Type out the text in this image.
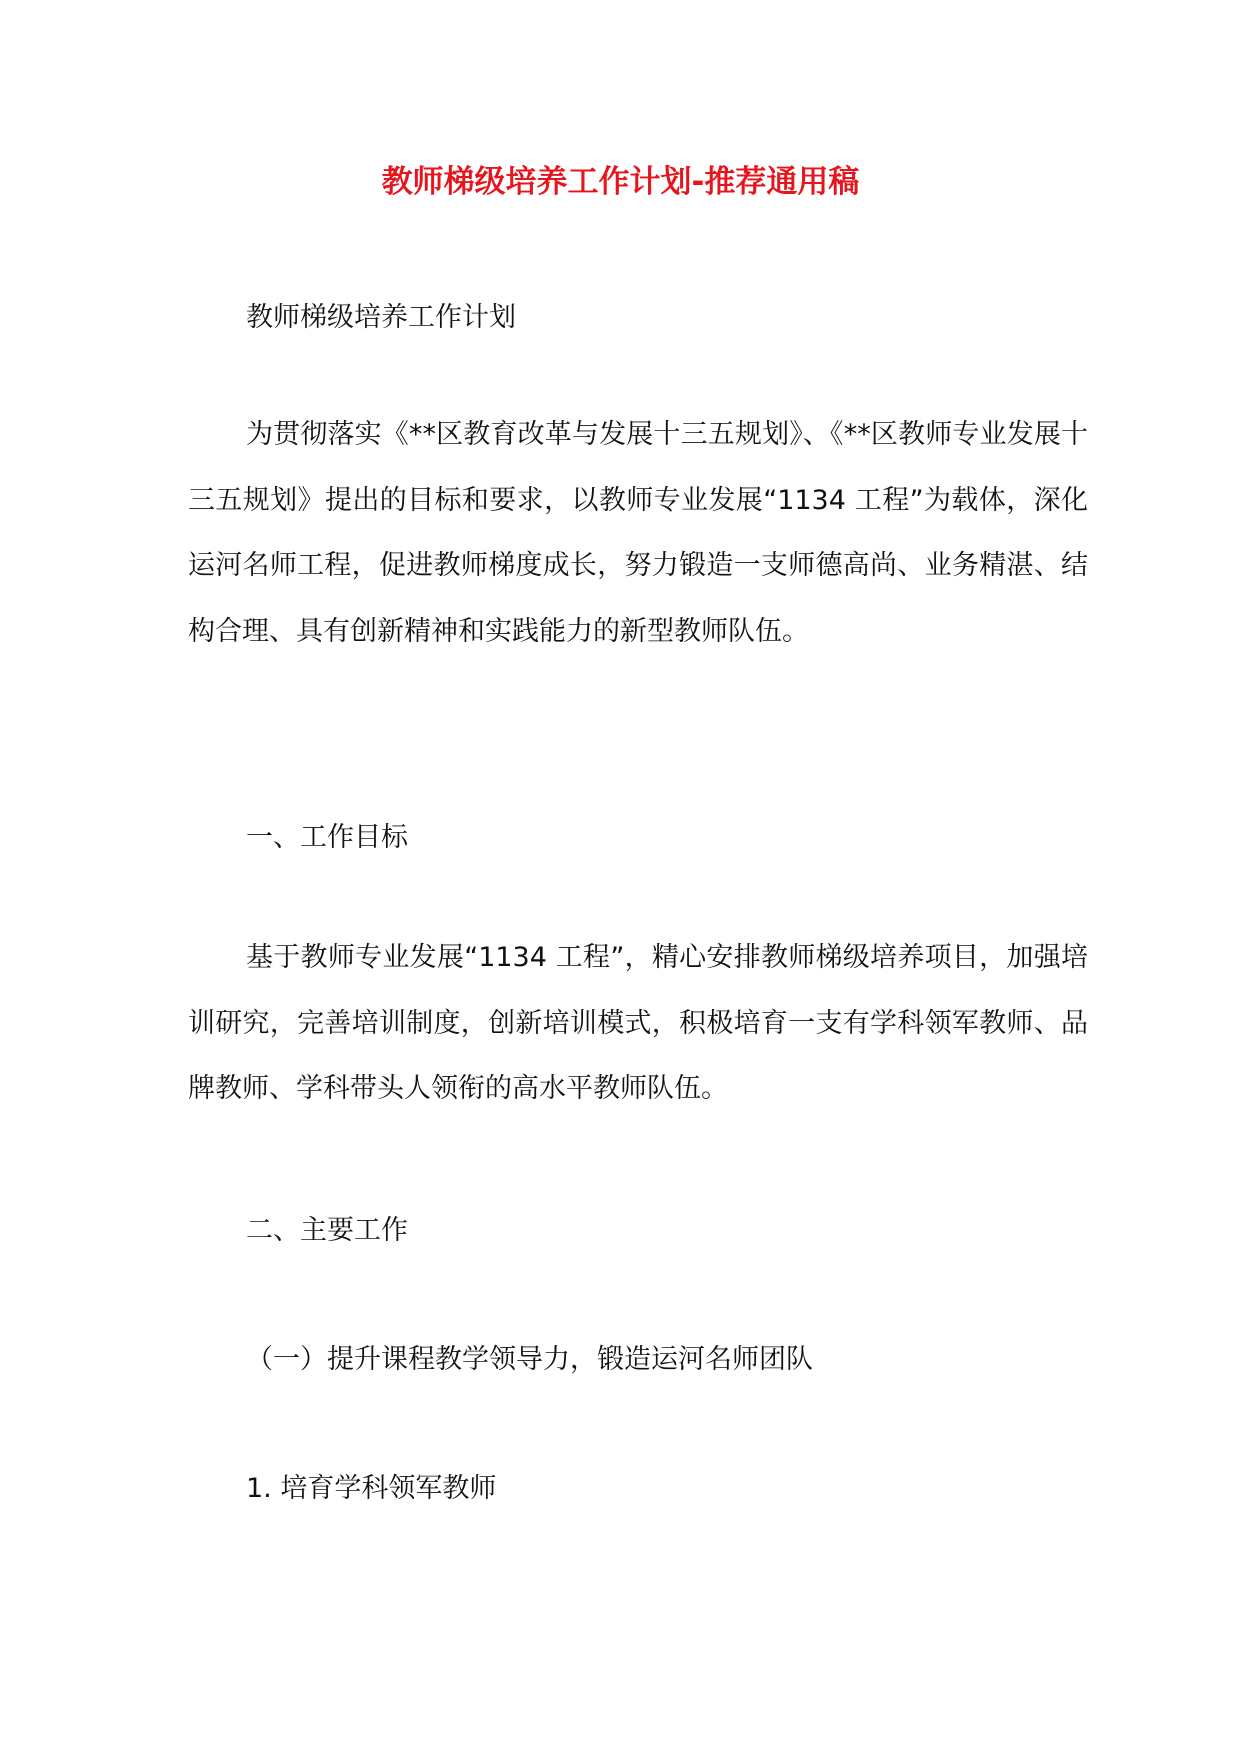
教师梯级培养工作计划-推荐通用稿

教师梯级培养工作计划

为贯彻落实《**区教育改革与发展十三五规划》、《**区教师专业发展十三五规划》提出的目标和要求，以教师专业发展“1134 工程”为载体，深化运河名师工程，促进教师梯度成长，努力锻造一支师德高尚、业务精湛、结构合理、具有创新精神和实践能力的新型教师队伍。

一、工作目标

基于教师专业发展“1134 工程”，精心安排教师梯级培养项目，加强培训研究，完善培训制度，创新培训模式，积极培育一支有学科领军教师、品牌教师、学科带头人领衔的高水平教师队伍。

二、主要工作

（一）提升课程教学领导力，锻造运河名师团队

1. 培育学科领军教师
